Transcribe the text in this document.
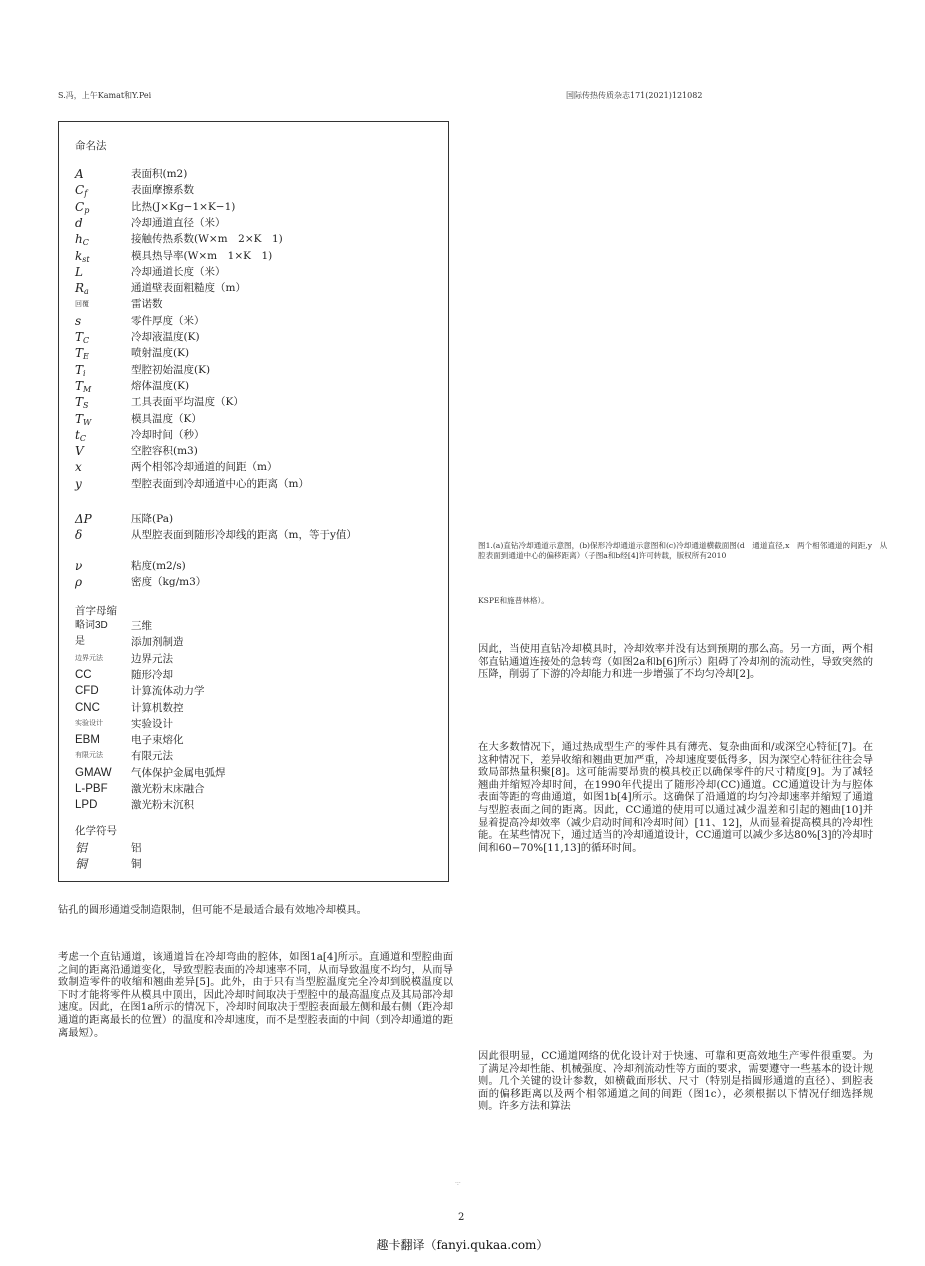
S.冯，上午Kamat和Y.Pei	国际传热传质杂志171(2021)121082
命名法
A	表面积(m2)
$C_f$	表面摩擦系数
$C_p$	比热(J×Kg−1×K−1)
d	冷却通道直径（米）
$h_C$	接触传热系数(W×m　2×K　1)
$k_{st}$	模具热导率(W×m　1×K　1)
L	冷却通道长度（米）
$R_a$	通道壁表面粗糙度（m）
回覆	雷诺数
s	零件厚度（米）
$T_C$	冷却液温度(K)
$T_E$	喷射温度(K)
$T_i$	型腔初始温度(K)
$T_M$	熔体温度(K)
$T_S$	工具表面平均温度（K）
$T_W$	模具温度（K）
$t_C$	冷却时间（秒）
V	空腔容积(m3)
x	两个相邻冷却通道的间距（m）
y	型腔表面到冷却通道中心的距离（m）
ΔP	压降(Pa)
δ	从型腔表面到随形冷却线的距离（m，等于y值）
ν	粘度(m2/s)
ρ	密度（kg/m3）
首字母缩
略词3D 三维
是	添加剂制造
边界元法	边界元法
CC	随形冷却
CFD	计算流体动力学
CNC	计算机数控
实验设计	实验设计
EBM	电子束熔化
有限元法	有限元法
GMAW 气体保护金属电弧焊
L-PBF 激光粉末床融合
LPD	激光粉末沉积
化学符号
铝	铝
铜	铜
钻孔的圆形通道受制造限制，但可能不是最适合最有效地冷却模具。
考虑一个直钻通道，该通道旨在冷却弯曲的腔体，如图1a[4]所示。直通道和型腔曲面之间的距离沿通道变化，导致型腔表面的冷却速率不同，从而导致温度不均匀，从而导致制造零件的收缩和翘曲差异[5]。此外，由于只有当型腔温度完全冷却到脱模温度以下时才能将零件从模具中顶出，因此冷却时间取决于型腔中的最高温度点及其局部冷却速度。因此，在图1a所示的情况下，冷却时间取决于型腔表面最左侧和最右侧（距冷却通道的距离最长的位置）的温度和冷却速度，而不是型腔表面的中间（到冷却通道的距离最短）。
图1.(a)直钻冷却通道示意图，(b)保形冷却通道示意图和(c)冷却通道横截面图(d　通道直径,x　两个相邻通道的间距,y　从腔表面到通道中心的偏移距离）（子图a和b经[4]许可转载，版权所有2010
KSPE和施普林格）。
因此，当使用直钻冷却模具时，冷却效率并没有达到预期的那么高。另一方面，两个相邻直钻通道连接处的急转弯（如图2a和b[6]所示）阻碍了冷却剂的流动性，导致突然的压降，削弱了下游的冷却能力和进一步增强了不均匀冷却[2]。
在大多数情况下，通过热成型生产的零件具有薄壳、复杂曲面和/或深空心特征[7]。在这种情况下，差异收缩和翘曲更加严重，冷却速度要低得多，因为深空心特征往往会导致局部热量积聚[8]。这可能需要昂贵的模具校正以确保零件的尺寸精度[9]。为了减轻翘曲并缩短冷却时间，在1990年代提出了随形冷却(CC)通道。CC通道设计为与腔体表面等距的弯曲通道，如图1b[4]所示。这确保了沿通道的均匀冷却速率并缩短了通道与型腔表面之间的距离。因此，CC通道的使用可以通过减少温差和引起的翘曲[10]并显着提高冷却效率（减少启动时间和冷却时间）[11、12]，从而显着提高模具的冷却性能。在某些情况下，通过适当的冷却通道设计，CC通道可以减少多达80%[3]的冷却时间和60−70%[11,13]的循环时间。
因此很明显，CC通道网络的优化设计对于快速、可靠和更高效地生产零件很重要。为了满足冷却性能、机械强度、冷却剂流动性等方面的要求，需要遵守一些基本的设计规则。几个关键的设计参数，如横截面形状、尺寸（特别是指圆形通道的直径）、到腔表面的偏移距离以及两个相邻通道之间的间距（图1c），必须根据以下情况仔细选择规则。许多方法和算法
·:·
2
趣卡翻译（fanyi.qukaa.com）
